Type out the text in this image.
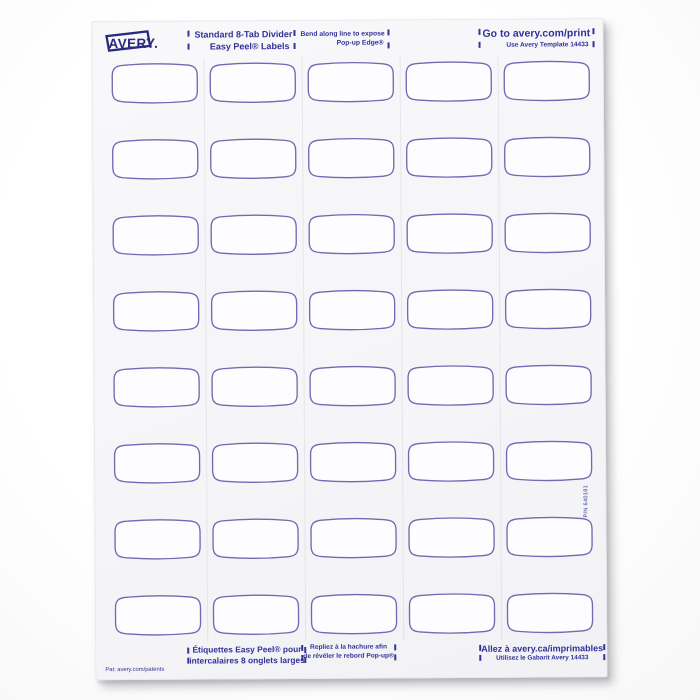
AVERY.
Standard 8-Tab Divider
Easy Peel® Labels
Bend along line to expose
Pop-up Edge®
Go to avery.com/print
Use Avery Template 14433
P/N 640181
Étiquettes Easy Peel® pour
intercalaires 8 onglets larges
Repliez à la hachure afin
de révéler le rebord Pop-up®
Allez à avery.ca/imprimables
Utilisez le Gabarit Avery 14433
Pat: avery.com/patents
